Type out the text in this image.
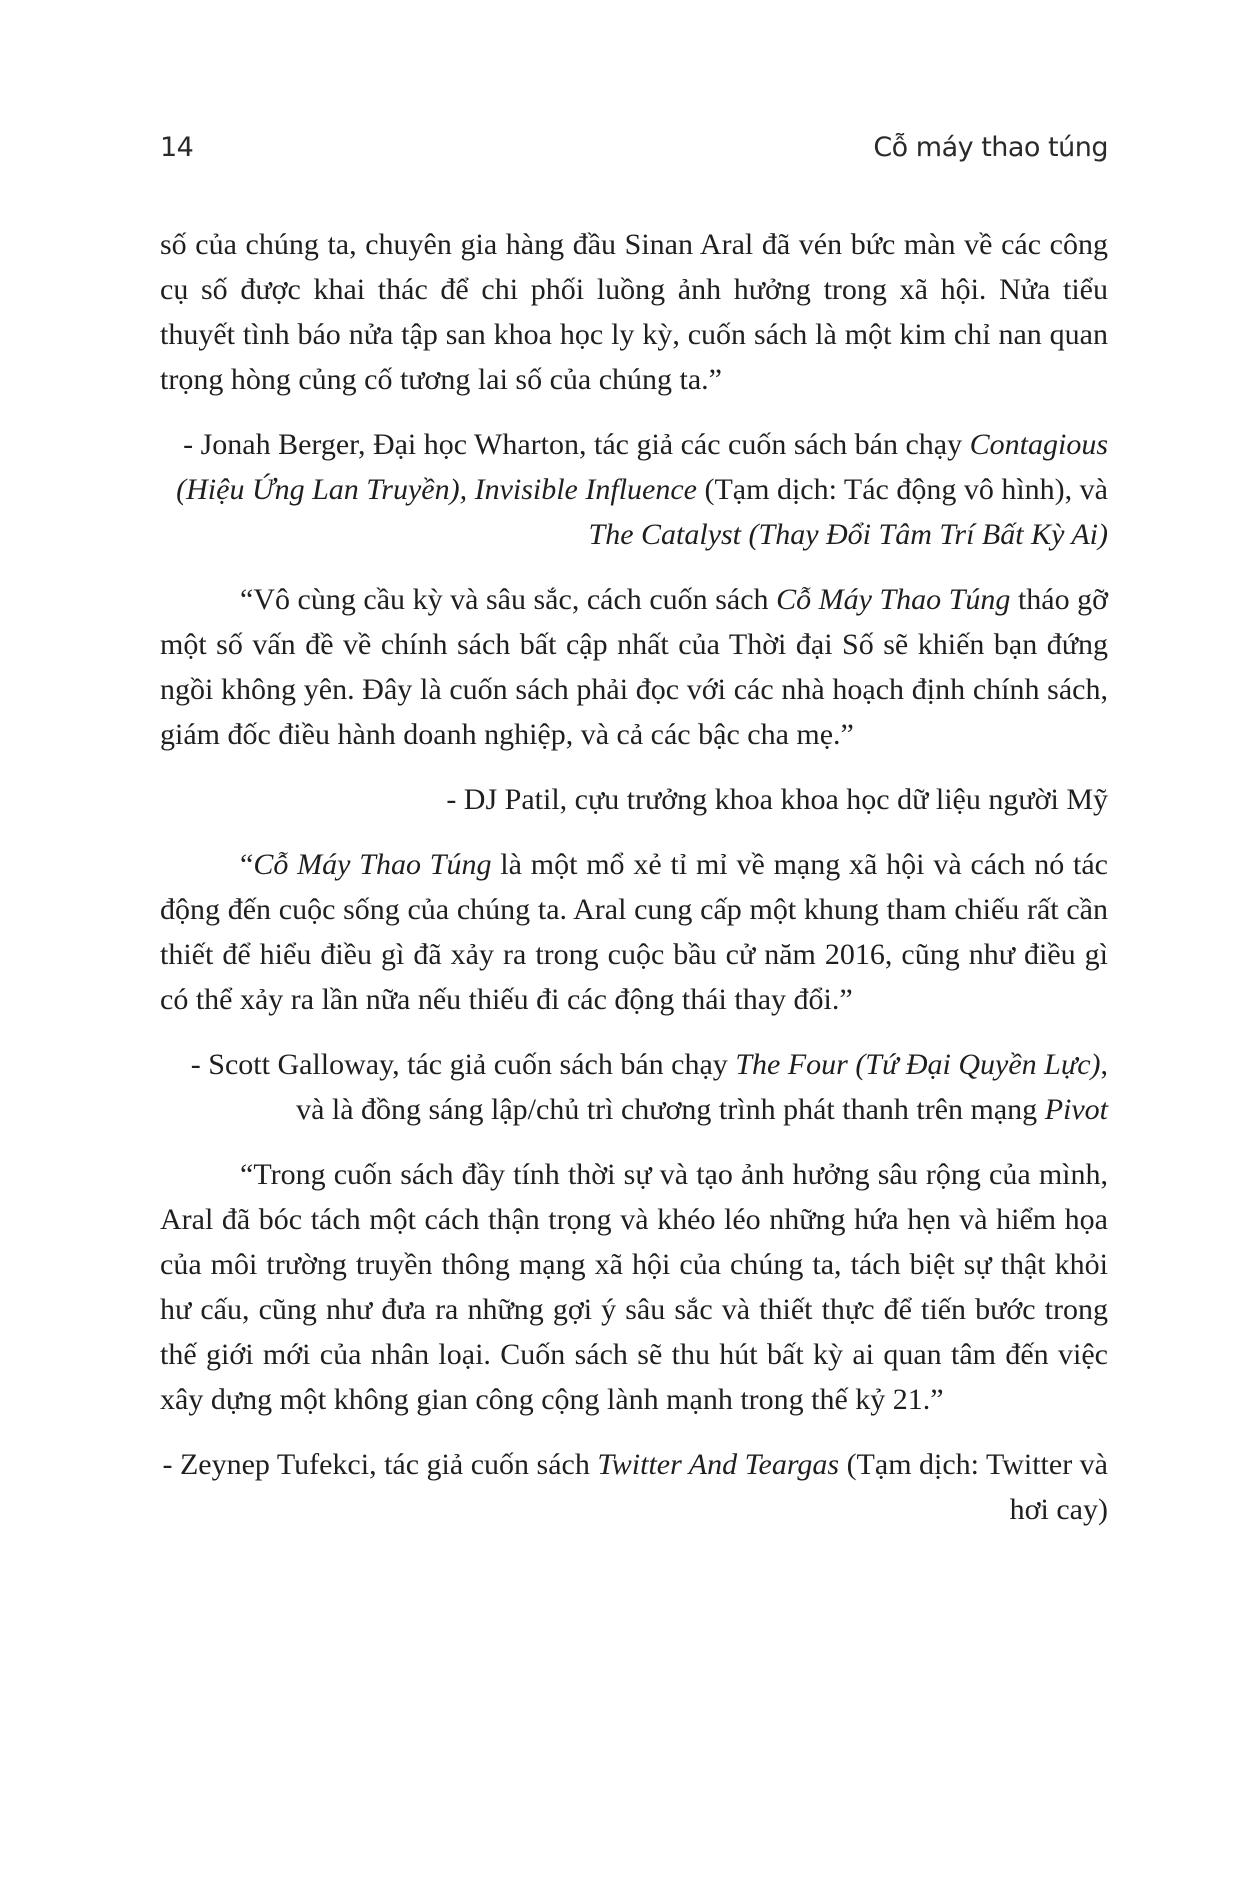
14	Cỗ máy thao túng

số của chúng ta, chuyên gia hàng đầu Sinan Aral đã vén bức màn về các công cụ số được khai thác để chi phối luồng ảnh hưởng trong xã hội. Nửa tiểu thuyết tình báo nửa tập san khoa học ly kỳ, cuốn sách là một kim chỉ nan quan trọng hòng củng cố tương lai số của chúng ta.”

- Jonah Berger, Đại học Wharton, tác giả các cuốn sách bán chạy Contagious (Hiệu Ứng Lan Truyền), Invisible Influence (Tạm dịch: Tác động vô hình), và The Catalyst (Thay Đổi Tâm Trí Bất Kỳ Ai)

“Vô cùng cầu kỳ và sâu sắc, cách cuốn sách Cỗ Máy Thao Túng tháo gỡ một số vấn đề về chính sách bất cập nhất của Thời đại Số sẽ khiến bạn đứng ngồi không yên. Đây là cuốn sách phải đọc với các nhà hoạch định chính sách, giám đốc điều hành doanh nghiệp, và cả các bậc cha mẹ.”

- DJ Patil, cựu trưởng khoa khoa học dữ liệu người Mỹ

“Cỗ Máy Thao Túng là một mổ xẻ tỉ mỉ về mạng xã hội và cách nó tác động đến cuộc sống của chúng ta. Aral cung cấp một khung tham chiếu rất cần thiết để hiểu điều gì đã xảy ra trong cuộc bầu cử năm 2016, cũng như điều gì có thể xảy ra lần nữa nếu thiếu đi các động thái thay đổi.”

- Scott Galloway, tác giả cuốn sách bán chạy The Four (Tứ Đại Quyền Lực), và là đồng sáng lập/chủ trì chương trình phát thanh trên mạng Pivot

“Trong cuốn sách đầy tính thời sự và tạo ảnh hưởng sâu rộng của mình, Aral đã bóc tách một cách thận trọng và khéo léo những hứa hẹn và hiểm họa của môi trường truyền thông mạng xã hội của chúng ta, tách biệt sự thật khỏi hư cấu, cũng như đưa ra những gợi ý sâu sắc và thiết thực để tiến bước trong thế giới mới của nhân loại. Cuốn sách sẽ thu hút bất kỳ ai quan tâm đến việc xây dựng một không gian công cộng lành mạnh trong thế kỷ 21.”

- Zeynep Tufekci, tác giả cuốn sách Twitter And Teargas (Tạm dịch: Twitter và hơi cay)
